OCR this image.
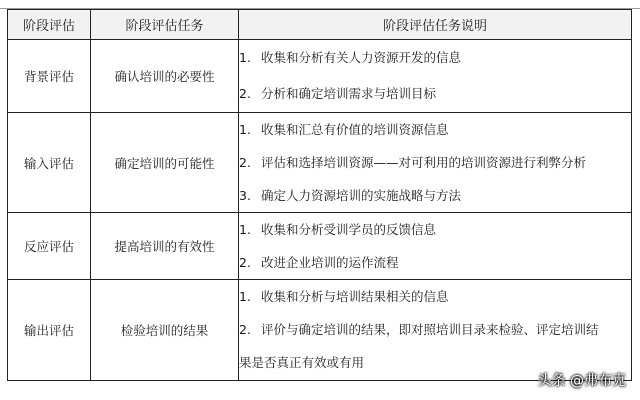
阶段评估	阶段评估任务	阶段评估任务说明
背景评估	确认培训的必要性	1. 收集和分析有关人力资源开发的信息
2. 分析和确定培训需求与培训目标

输入评估	确定培训的可能性	1. 收集和汇总有价值的培训资源信息
2. 评估和选择培训资源——对可利用的培训资源进行利弊分析
3. 确定人力资源培训的实施战略与方法

反应评估	提高培训的有效性	1. 收集和分析受训学员的反馈信息
2. 改进企业培训的运作流程

输出评估	检验培训的结果	1. 收集和分析与培训结果相关的信息
2. 评价与确定培训的结果，即对照培训目录来检验、评定培训结
果是否真正有效或有用
头条 @弗布克
